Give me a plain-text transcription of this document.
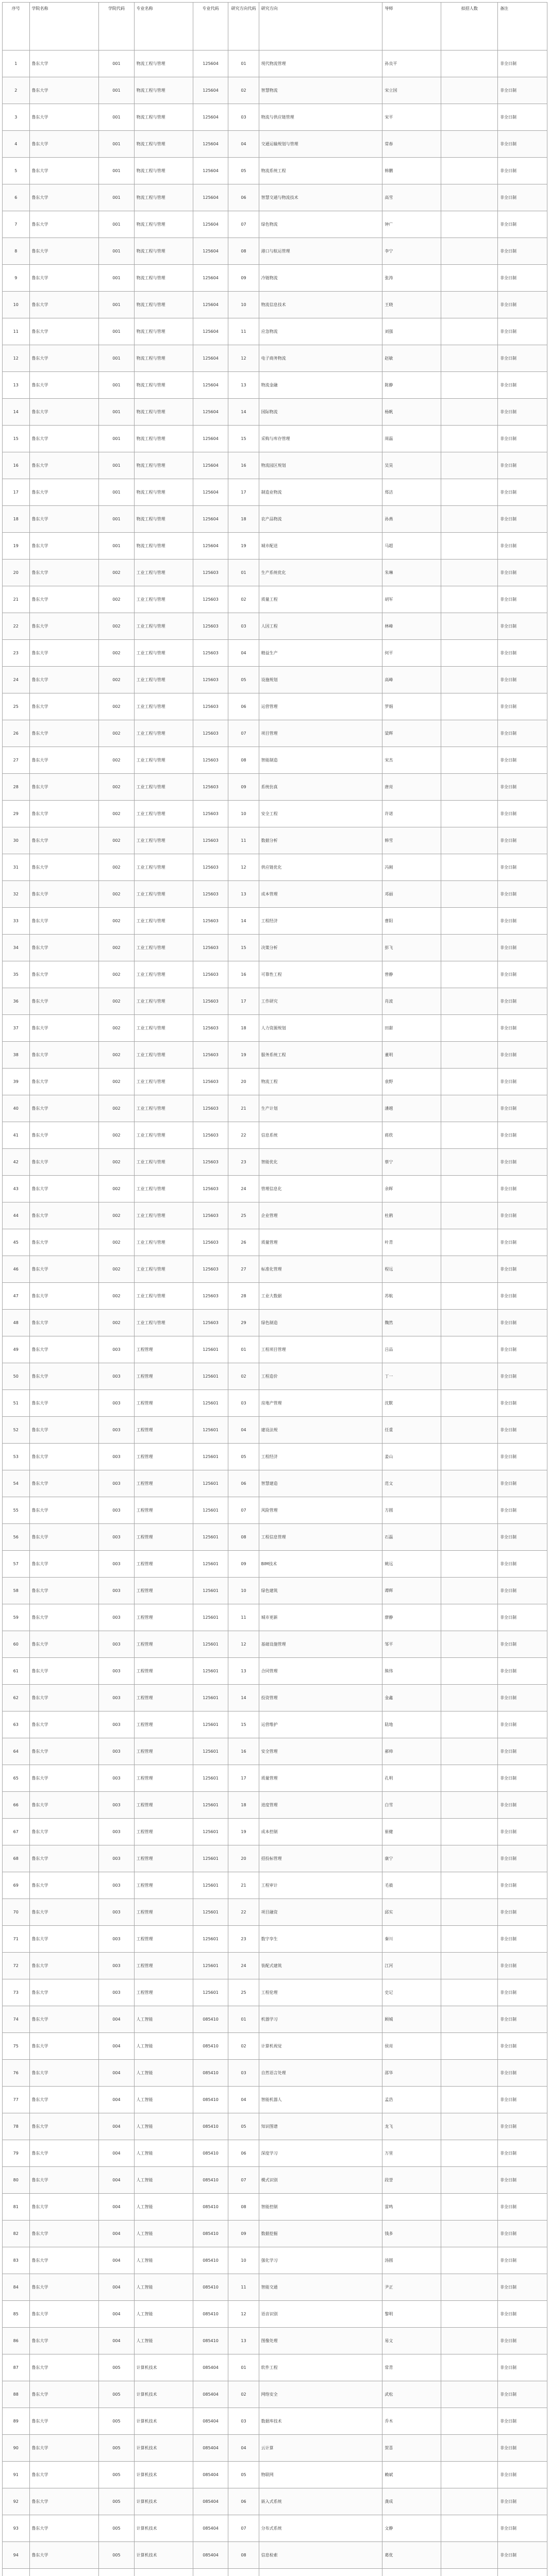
序号	学院名称	学院代码	专业名称	专业代码	研究方向代码	研究方向	导师	拟招人数	备注
1	鲁东大学	001	物流工程与管理	125604	01	现代物流管理	孙良平		非全日制
2	鲁东大学	001	物流工程与管理	125604	02	智慧物流	宋立国		非全日制
3	鲁东大学	001	物流工程与管理	125604	03	物流与供应链管理	宋平		非全日制
4	鲁东大学	001	物流工程与管理	125604	04	交通运输规划与管理	常春		非全日制
5	鲁东大学	001	物流工程与管理	125604	05	物流系统工程	韩鹏		非全日制
6	鲁东大学	001	物流工程与管理	125604	06	智慧交通与物流技术	高雪		非全日制
7	鲁东大学	001	物流工程与管理	125604	07	绿色物流	钟广		非全日制
8	鲁东大学	001	物流工程与管理	125604	08	港口与航运管理	李宁		非全日制
9	鲁东大学	001	物流工程与管理	125604	09	冷链物流	张涛		非全日制
10	鲁东大学	001	物流工程与管理	125604	10	物流信息技术	王晓		非全日制
11	鲁东大学	001	物流工程与管理	125604	11	应急物流	刘强		非全日制
12	鲁东大学	001	物流工程与管理	125604	12	电子商务物流	赵敏		非全日制
13	鲁东大学	001	物流工程与管理	125604	13	物流金融	陈静		非全日制
14	鲁东大学	001	物流工程与管理	125604	14	国际物流	杨帆		非全日制
15	鲁东大学	001	物流工程与管理	125604	15	采购与库存管理	周磊		非全日制
16	鲁东大学	001	物流工程与管理	125604	16	物流园区规划	吴昊		非全日制
17	鲁东大学	001	物流工程与管理	125604	17	制造业物流	郑洁		非全日制
18	鲁东大学	001	物流工程与管理	125604	18	农产品物流	孙燕		非全日制
19	鲁东大学	001	物流工程与管理	125604	19	城市配送	马超		非全日制
20	鲁东大学	002	工业工程与管理	125603	01	生产系统优化	朱琳		非全日制
21	鲁东大学	002	工业工程与管理	125603	02	质量工程	胡军		非全日制
22	鲁东大学	002	工业工程与管理	125603	03	人因工程	林峰		非全日制
23	鲁东大学	002	工业工程与管理	125603	04	精益生产	何平		非全日制
24	鲁东大学	002	工业工程与管理	125603	05	设施规划	高峰		非全日制
25	鲁东大学	002	工业工程与管理	125603	06	运营管理	罗娟		非全日制
26	鲁东大学	002	工业工程与管理	125603	07	项目管理	梁辉		非全日制
27	鲁东大学	002	工业工程与管理	125603	08	智能制造	宋杰		非全日制
28	鲁东大学	002	工业工程与管理	125603	09	系统仿真	唐亮		非全日制
29	鲁东大学	002	工业工程与管理	125603	10	安全工程	许诺		非全日制
30	鲁东大学	002	工业工程与管理	125603	11	数据分析	韩雪		非全日制
31	鲁东大学	002	工业工程与管理	125603	12	供应链优化	冯刚		非全日制
32	鲁东大学	002	工业工程与管理	125603	13	成本管理	邓丽		非全日制
33	鲁东大学	002	工业工程与管理	125603	14	工程经济	曹阳		非全日制
34	鲁东大学	002	工业工程与管理	125603	15	决策分析	彭飞		非全日制
35	鲁东大学	002	工业工程与管理	125603	16	可靠性工程	曾静		非全日制
36	鲁东大学	002	工业工程与管理	125603	17	工作研究	肖波		非全日制
37	鲁东大学	002	工业工程与管理	125603	18	人力资源规划	田甜		非全日制
38	鲁东大学	002	工业工程与管理	125603	19	服务系统工程	董明		非全日制
39	鲁东大学	002	工业工程与管理	125603	20	物流工程	袁野		非全日制
40	鲁东大学	002	工业工程与管理	125603	21	生产计划	潘越		非全日制
41	鲁东大学	002	工业工程与管理	125603	22	信息系统	蒋欣		非全日制
42	鲁东大学	002	工业工程与管理	125603	23	智能优化	蔡宁		非全日制
43	鲁东大学	002	工业工程与管理	125603	24	管理信息化	余晖		非全日制
44	鲁东大学	002	工业工程与管理	125603	25	企业管理	杜鹃		非全日制
45	鲁东大学	002	工业工程与管理	125603	26	质量管理	叶青		非全日制
46	鲁东大学	002	工业工程与管理	125603	27	标准化管理	程远		非全日制
47	鲁东大学	002	工业工程与管理	125603	28	工业大数据	苏航		非全日制
48	鲁东大学	002	工业工程与管理	125603	29	绿色制造	魏然		非全日制
49	鲁东大学	003	工程管理	125601	01	工程项目管理	吕品		非全日制
50	鲁东大学	003	工程管理	125601	02	工程造价	丁一		非全日制
51	鲁东大学	003	工程管理	125601	03	房地产管理	沈默		非全日制
52	鲁东大学	003	工程管理	125601	04	建设法规	任重		非全日制
53	鲁东大学	003	工程管理	125601	05	工程经济	姜山		非全日制
54	鲁东大学	003	工程管理	125601	06	智慧建造	范文		非全日制
55	鲁东大学	003	工程管理	125601	07	风险管理	方圆		非全日制
56	鲁东大学	003	工程管理	125601	08	工程信息管理	石磊		非全日制
57	鲁东大学	003	工程管理	125601	09	BIM技术	姚远		非全日制
58	鲁东大学	003	工程管理	125601	10	绿色建筑	谭辉		非全日制
59	鲁东大学	003	工程管理	125601	11	城市更新	廖静		非全日制
60	鲁东大学	003	工程管理	125601	12	基础设施管理	邹平		非全日制
61	鲁东大学	003	工程管理	125601	13	合同管理	熊伟		非全日制
62	鲁东大学	003	工程管理	125601	14	投资管理	金鑫		非全日制
63	鲁东大学	003	工程管理	125601	15	运营维护	陆地		非全日制
64	鲁东大学	003	工程管理	125601	16	安全管理	郝帅		非全日制
65	鲁东大学	003	工程管理	125601	17	质量管理	孔明		非全日制
66	鲁东大学	003	工程管理	125601	18	进度管理	白雪		非全日制
67	鲁东大学	003	工程管理	125601	19	成本控制	崔健		非全日制
68	鲁东大学	003	工程管理	125601	20	招投标管理	康宁		非全日制
69	鲁东大学	003	工程管理	125601	21	工程审计	毛毅		非全日制
70	鲁东大学	003	工程管理	125601	22	项目融资	邱实		非全日制
71	鲁东大学	003	工程管理	125601	23	数字孪生	秦川		非全日制
72	鲁东大学	003	工程管理	125601	24	装配式建筑	江河		非全日制
73	鲁东大学	003	工程管理	125601	25	工程伦理	史记		非全日制
74	鲁东大学	004	人工智能	085410	01	机器学习	顾城		非全日制
75	鲁东大学	004	人工智能	085410	02	计算机视觉	侯亮		非全日制
76	鲁东大学	004	人工智能	085410	03	自然语言处理	邵华		非全日制
77	鲁东大学	004	人工智能	085410	04	智能机器人	孟浩		非全日制
78	鲁东大学	004	人工智能	085410	05	知识图谱	龙飞		非全日制
79	鲁东大学	004	人工智能	085410	06	深度学习	万里		非全日制
80	鲁东大学	004	人工智能	085410	07	模式识别	段誉		非全日制
81	鲁东大学	004	人工智能	085410	08	智能控制	雷鸣		非全日制
82	鲁东大学	004	人工智能	085410	09	数据挖掘	钱多		非全日制
83	鲁东大学	004	人工智能	085410	10	强化学习	汤圆		非全日制
84	鲁东大学	004	人工智能	085410	11	智能交通	尹正		非全日制
85	鲁东大学	004	人工智能	085410	12	语音识别	黎明		非全日制
86	鲁东大学	004	人工智能	085410	13	图像处理	易文		非全日制
87	鲁东大学	005	计算机技术	085404	01	软件工程	常青		非全日制
88	鲁东大学	005	计算机技术	085404	02	网络安全	武松		非全日制
89	鲁东大学	005	计算机技术	085404	03	数据库技术	乔木		非全日制
90	鲁东大学	005	计算机技术	085404	04	云计算	贺喜		非全日制
91	鲁东大学	005	计算机技术	085404	05	物联网	赖斌		非全日制
92	鲁东大学	005	计算机技术	085404	06	嵌入式系统	龚成		非全日制
93	鲁东大学	005	计算机技术	085404	07	分布式系统	文静		非全日制
94	鲁东大学	005	计算机技术	085404	08	信息检索	葛优		非全日制
